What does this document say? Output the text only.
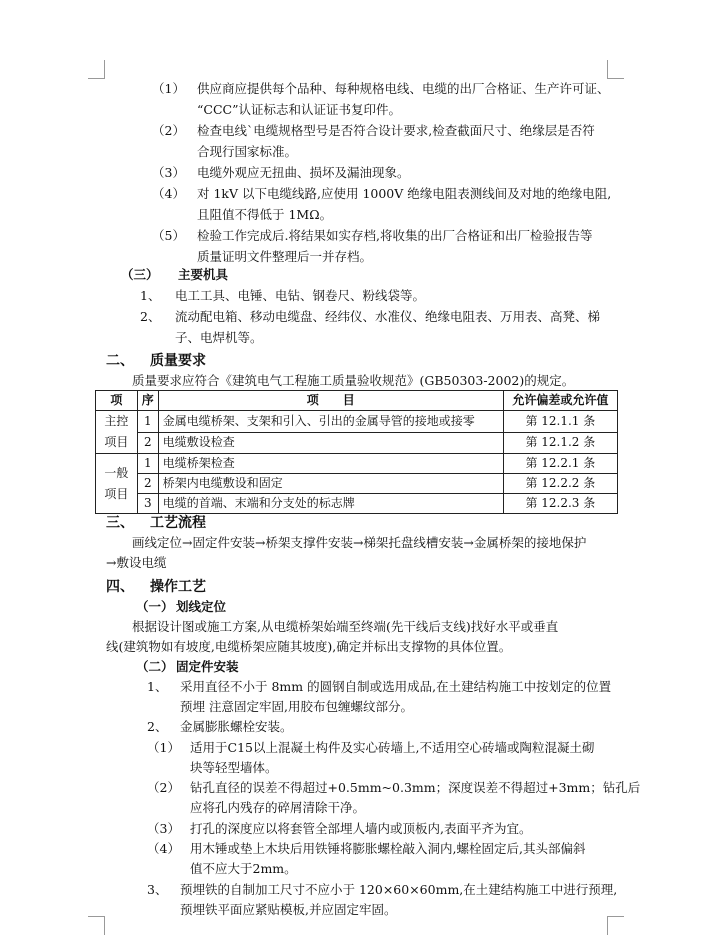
（1） 供应商应提供每个品种、每种规格电线、电缆的出厂合格证、生产许可证、
“CCC”认证标志和认证证书复印件。
（2） 检查电线`电缆规格型号是否符合设计要求,检查截面尺寸、绝缘层是否符
合现行国家标准。
（3） 电缆外观应无扭曲、损坏及漏油现象。
（4） 对 1kV 以下电缆线路,应使用 1000V 绝缘电阻表测线间及对地的绝缘电阻,
且阻值不得低于 1MΩ。
（5） 检验工作完成后.将结果如实存档,将收集的出厂合格证和出厂检验报告等
质量证明文件整理后一并存档。
（三） 主要机具
1、 电工工具、电锤、电钻、钢卷尺、粉线袋等。
2、 流动配电箱、移动电缆盘、经纬仪、水准仪、绝缘电阻表、万用表、高凳、梯
子、电焊机等。
二、 质量要求
质量要求应符合《建筑电气工程施工质量验收规范》(GB50303-2002)的规定。
项	序	项　　目	允许偏差或允许值
主控
项目	1	金属电缆桥架、支架和引入、引出的金属导管的接地或接零	第 12.1.1 条
	2	电缆敷设检查	第 12.1.2 条
一般
项目	1	电缆桥架检查	第 12.2.1 条
	2	桥架内电缆敷设和固定	第 12.2.2 条
	3	电缆的首端、末端和分支处的标志牌	第 12.2.3 条
三、 工艺流程
画线定位→固定件安装→桥架支撑件安装→梯架托盘线槽安装→金属桥架的接地保护
→敷设电缆
四、 操作工艺
（一） 划线定位
根据设计图或施工方案,从电缆桥架始端至终端(先干线后支线)找好水平或垂直
线(建筑物如有坡度,电缆桥架应随其坡度),确定并标出支撑物的具体位置。
（二） 固定件安装
1、 采用直径不小于 8mm 的圆钢自制或选用成品,在土建结构施工中按划定的位置
预埋 注意固定牢固,用胶布包缠螺纹部分。
2、 金属膨胀螺栓安装。
（1） 适用于C15以上混凝土构件及实心砖墙上,不适用空心砖墙或陶粒混凝土砌
块等轻型墙体。
（2） 钻孔直径的误差不得超过+0.5mm~0.3mm；深度误差不得超过+3mm；钻孔后
应将孔内残存的碎屑清除干净。
（3） 打孔的深度应以将套管全部埋人墙内或顶板内,表面平齐为宜。
（4） 用木锤或垫上木块后用铁锤将膨胀螺栓敲入洞内,螺栓固定后,其头部偏斜
值不应大于2mm。
3、 预埋铁的自制加工尺寸不应小于 120×60×60mm,在土建结构施工中进行预理,
预埋铁平面应紧贴模板,并应固定牢固。
